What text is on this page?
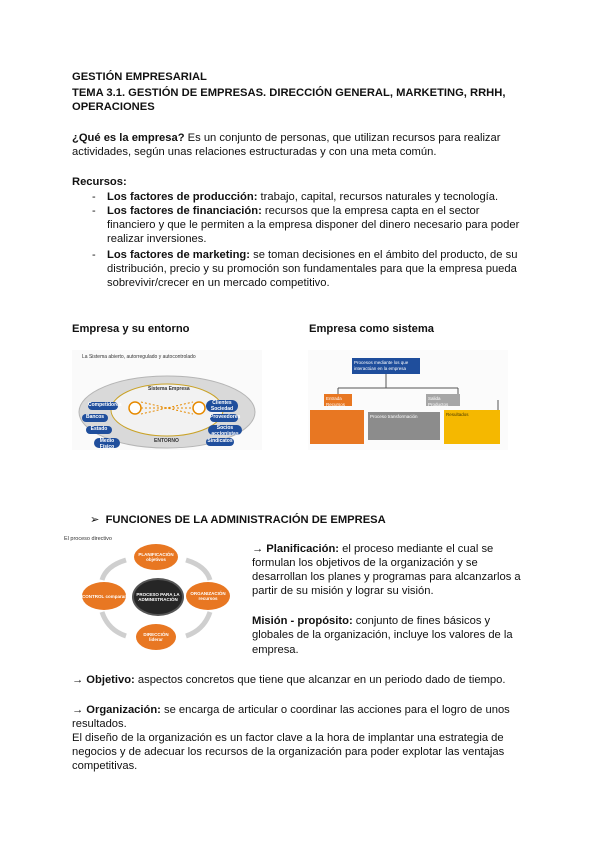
GESTIÓN EMPRESARIAL
TEMA 3.1. GESTIÓN DE EMPRESAS. DIRECCIÓN GENERAL, MARKETING, RRHH,
OPERACIONES
¿Qué es la empresa? Es un conjunto de personas, que utilizan recursos para realizar
actividades, según unas relaciones estructuradas y con una meta común.
Recursos:
- Los factores de producción: trabajo, capital, recursos naturales y tecnología.
- Los factores de financiación: recursos que la empresa capta en el sector
financiero y que le permiten a la empresa disponer del dinero necesario para poder
realizar inversiones.
- Los factores de marketing: se toman decisiones en el ámbito del producto, de su
distribución, precio y su promoción son fundamentales para que la empresa pueda
sobrevivir/crecer en un mercado competitivo.
Empresa y su entorno	Empresa como sistema
La Sistema abierto, autorregulado y autocontrolado
Sistema Empresa
ENTORNO
Competidores
Bancos
Estado
Medio Físico
Clientes Sociedad
Proveedores
Socios accionistas
Sindicatos
Procesos mediante los que interactúan en la empresa
Entrada Recursos
Salida Productos
Proceso transformación	Resultados
➢ FUNCIONES DE LA ADMINISTRACIÓN DE EMPRESA
El proceso directivo
PLANIFICACIÓN objetivos
ORGANIZACIÓN recursos
DIRECCIÓN liderar
CONTROL comparar	PROCESO PARA LA ADMINISTRACIÓN
→ Planificación: el proceso mediante el cual se
formulan los objetivos de la organización y se
desarrollan los planes y programas para alcanzarlos a
partir de su misión y lograr su visión.
Misión - propósito: conjunto de fines básicos y
globales de la organización, incluye los valores de la
empresa.
→ Objetivo: aspectos concretos que tiene que alcanzar en un periodo dado de tiempo.
→ Organización: se encarga de articular o coordinar las acciones para el logro de unos
resultados.
El diseño de la organización es un factor clave a la hora de implantar una estrategia de
negocios y de adecuar los recursos de la organización para poder explotar las ventajas
competitivas.
